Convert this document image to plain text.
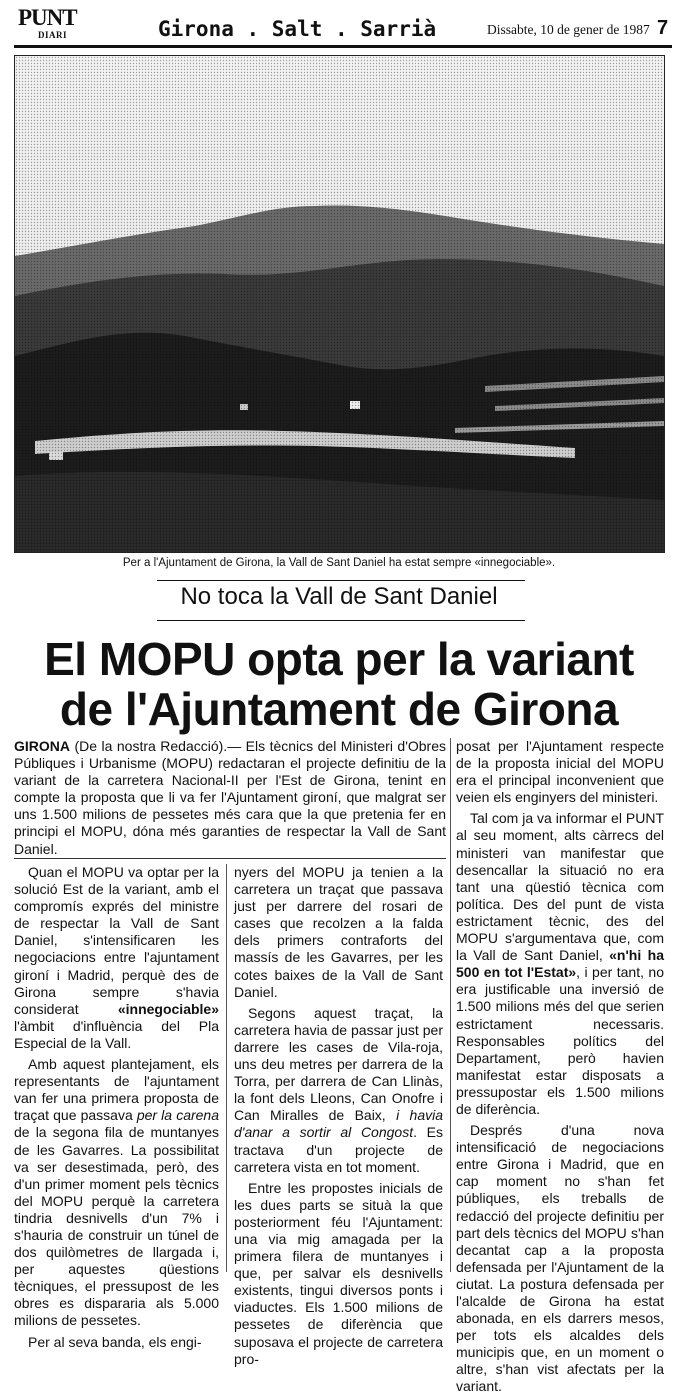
PUNT
DIARI	Girona . Salt . Sarrià	Dissabte, 10 de gener de 1987 7
Per a l'Ajuntament de Girona, la Vall de Sant Daniel ha estat sempre «innegociable».
No toca la Vall de Sant Daniel
El MOPU opta per la variant
de l'Ajuntament de Girona

GIRONA (De la nostra Redacció).— Els tècnics del Ministeri d'Obres Públiques i Urbanisme (MOPU) redactaran el projecte definitiu de la variant de la carretera Nacional-II per l'Est de Girona, tenint en compte la proposta que li va fer l'Ajuntament gironí, que malgrat ser uns 1.500 milions de pessetes més cara que la que pretenia fer en principi el MOPU, dóna més garanties de respectar la Vall de Sant Daniel.

Quan el MOPU va optar per la solució Est de la variant, amb el compromís exprés del ministre de respectar la Vall de Sant Daniel, s'intensificaren les negociacions entre l'ajuntament gironí i Madrid, perquè des de Girona sempre s'havia considerat «innegociable» l'àmbit d'influència del Pla Especial de la Vall.

Amb aquest plantejament, els representants de l'ajuntament van fer una primera proposta de traçat que passava per la carena de la segona fila de muntanyes de les Gavarres. La possibilitat va ser desestimada, però, des d'un primer moment pels tècnics del MOPU perquè la carretera tindria desnivells d'un 7% i s'hauria de construir un túnel de dos quilòmetres de llargada i, per aquestes qüestions tècniques, el pressupost de les obres es dispararia als 5.000 milions de pessetes.

Per al seva banda, els engi-

nyers del MOPU ja tenien a la carretera un traçat que passava just per darrere del rosari de cases que recolzen a la falda dels primers contraforts del massís de les Gavarres, per les cotes baixes de la Vall de Sant Daniel.

Segons aquest traçat, la carretera havia de passar just per darrere les cases de Vila-roja, uns deu metres per darrera de la Torra, per darrera de Can Llinàs, la font dels Lleons, Can Onofre i Can Miralles de Baix, i havia d'anar a sortir al Congost. Es tractava d'un projecte de carretera vista en tot moment.

Entre les propostes inicials de les dues parts se situà la que posteriorment féu l'Ajuntament: una via mig amagada per la primera filera de muntanyes i que, per salvar els desnivells existents, tingui diversos ponts i viaductes. Els 1.500 milions de pessetes de diferència que suposava el projecte de carretera pro-

posat per l'Ajuntament respecte de la proposta inicial del MOPU era el principal inconvenient que veien els enginyers del ministeri.

Tal com ja va informar el PUNT al seu moment, alts càrrecs del ministeri van manifestar que desencallar la situació no era tant una qüestió tècnica com política. Des del punt de vista estrictament tècnic, des del MOPU s'argumentava que, com la Vall de Sant Daniel, «n'hi ha 500 en tot l'Estat», i per tant, no era justificable una inversió de 1.500 milions més del que serien estrictament necessaris. Responsables polítics del Departament, però havien manifestat estar disposats a pressupostar els 1.500 milions de diferència.

Després d'una nova intensificació de negociacions entre Girona i Madrid, que en cap moment no s'han fet públiques, els treballs de redacció del projecte definitiu per part dels tècnics del MOPU s'han decantat cap a la proposta defensada per l'Ajuntament de la ciutat. La postura defensada per l'alcalde de Girona ha estat abonada, en els darrers mesos, per tots els alcaldes dels municipis que, en un moment o altre, s'han vist afectats per la variant.
